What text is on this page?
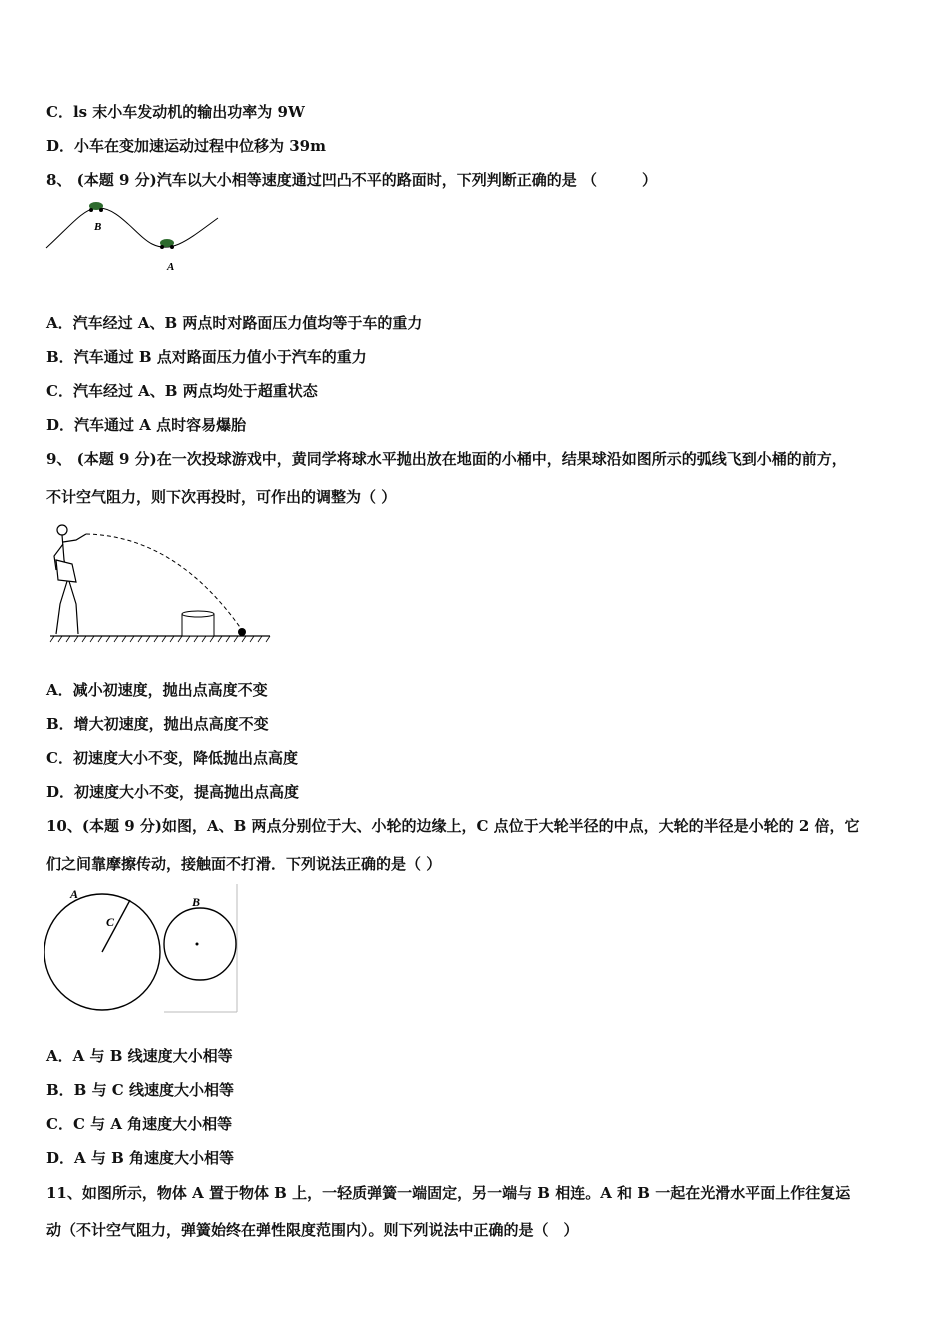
C．ls 末小车发动机的输出功率为 9W
D．小车在变加速运动过程中位移为 39m
8、 (本题 9 分)汽车以大小相等速度通过凹凸不平的路面时，下列判断正确的是 （　　　）
B
A
A．汽车经过 A、B 两点时对路面压力值均等于车的重力
B．汽车通过 B 点对路面压力值小于汽车的重力
C．汽车经过 A、B 两点均处于超重状态
D．汽车通过 A 点时容易爆胎
9、 (本题 9 分)在一次投球游戏中，黄同学将球水平抛出放在地面的小桶中，结果球沿如图所示的弧线飞到小桶的前方，
不计空气阻力，则下次再投时，可作出的调整为（ ）
A．减小初速度，抛出点高度不变
B．增大初速度，抛出点高度不变
C．初速度大小不变，降低抛出点高度
D．初速度大小不变，提高抛出点高度
10、(本题 9 分)如图，A、B 两点分别位于大、小轮的边缘上，C 点位于大轮半径的中点，大轮的半径是小轮的 2 倍，它
们之间靠摩擦传动，接触面不打滑．下列说法正确的是（ ）
A
B
C
A．A 与 B 线速度大小相等
B．B 与 C 线速度大小相等
C．C 与 A 角速度大小相等
D．A 与 B 角速度大小相等
11、如图所示，物体 A 置于物体 B 上，一轻质弹簧一端固定，另一端与 B 相连。A 和 B 一起在光滑水平面上作往复运
动（不计空气阻力，弹簧始终在弹性限度范围内）。则下列说法中正确的是（　）
